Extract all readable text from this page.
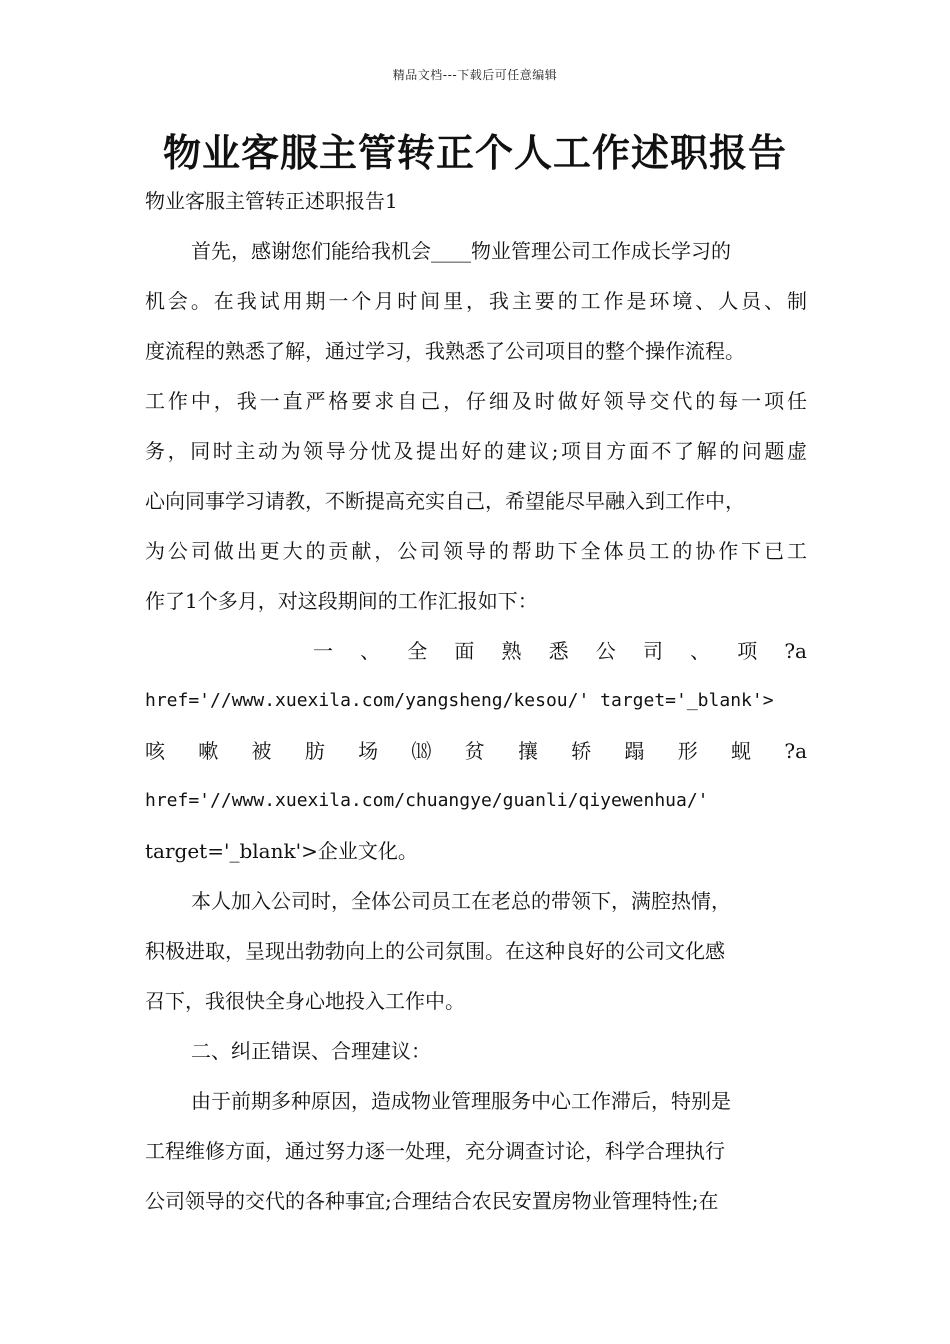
精品文档---下载后可任意编辑
物业客服主管转正个人工作述职报告
物业客服主管转正述职报告1
首先，感谢您们能给我机会____物业管理公司工作成长学习的
机会。在我试用期一个月时间里，我主要的工作是环境、人员、制
度流程的熟悉了解，通过学习，我熟悉了公司项目的整个操作流程。
工作中，我一直严格要求自己，仔细及时做好领导交代的每一项任
务，同时主动为领导分忧及提出好的建议;项目方面不了解的问题虚
心向同事学习请教，不断提高充实自己，希望能尽早融入到工作中，
为公司做出更大的贡献，公司领导的帮助下全体员工的协作下已工
作了1个多月，对这段期间的工作汇报如下：
一 、 全 面 熟 悉 公 司 、 项 ?a
href='//www.xuexila.com/yangsheng/kesou/' target='_blank'>
咳 嗽 被 肪 场 ⒅ 贫 攘 轿 蹋 形 蚬 ?a
href='//www.xuexila.com/chuangye/guanli/qiyewenhua/'
target='_blank'>企业文化。
本人加入公司时，全体公司员工在老总的带领下，满腔热情，
积极进取，呈现出勃勃向上的公司氛围。在这种良好的公司文化感
召下，我很快全身心地投入工作中。
二、纠正错误、合理建议：
由于前期多种原因，造成物业管理服务中心工作滞后，特别是
工程维修方面，通过努力逐一处理，充分调查讨论，科学合理执行
公司领导的交代的各种事宜;合理结合农民安置房物业管理特性;在
